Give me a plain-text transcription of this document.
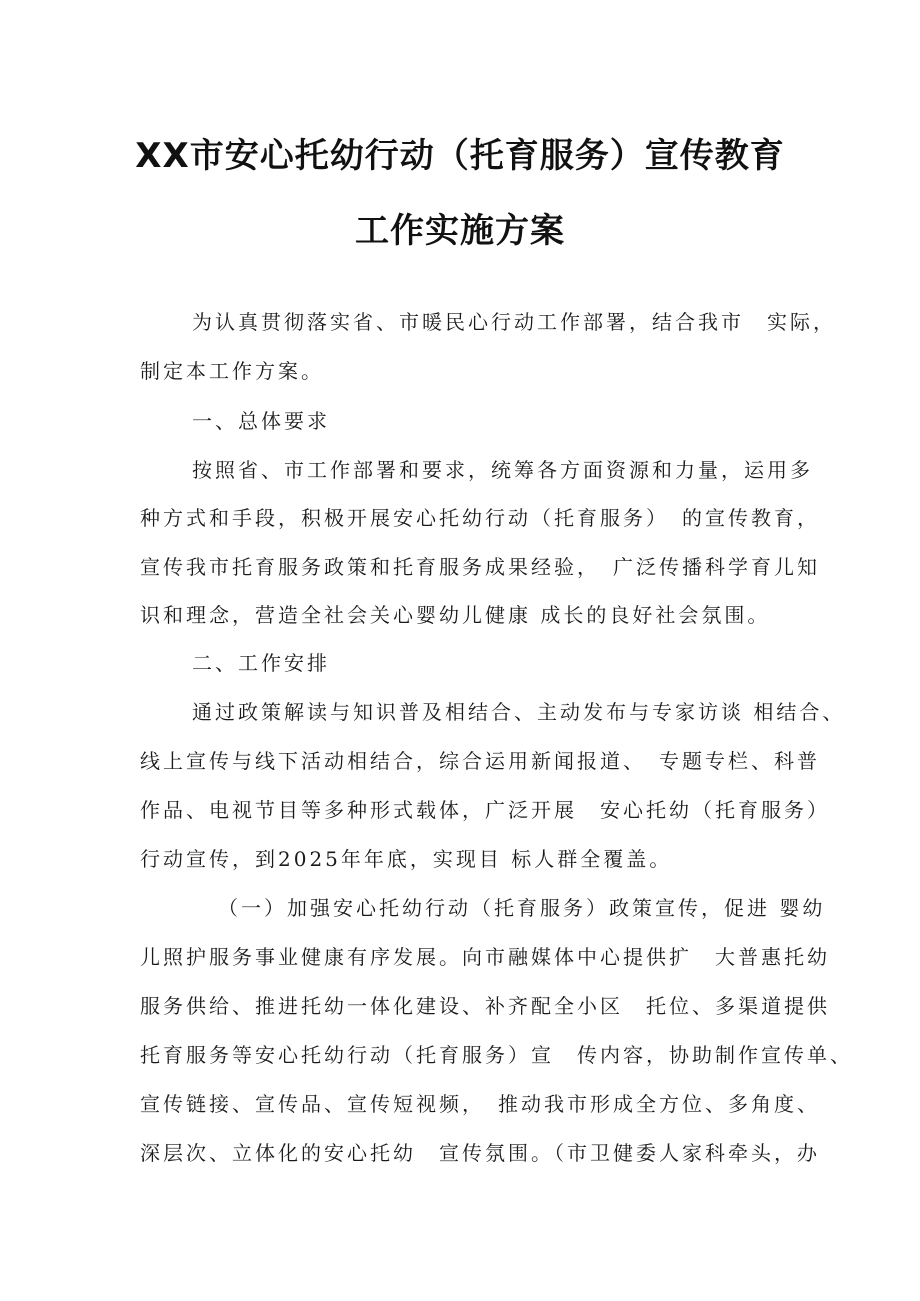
XX市安心托幼行动（托育服务）宣传教育
工作实施方案
为认真贯彻落实省、市暖民心行动工作部署，结合我市　实际，
制定本工作方案。
一、总体要求
按照省、市工作部署和要求，统筹各方面资源和力量，运用多
种方式和手段，积极开展安心托幼行动（托育服务）　的宣传教育，
宣传我市托育服务政策和托育服务成果经验，　广泛传播科学育儿知
识和理念，营造全社会关心婴幼儿健康 成长的良好社会氛围。
二、工作安排
通过政策解读与知识普及相结合、主动发布与专家访谈 相结合、
线上宣传与线下活动相结合，综合运用新闻报道、　专题专栏、科普
作品、电视节目等多种形式载体，广泛开展　安心托幼（托育服务）
行动宣传，到2025年年底，实现目 标人群全覆盖。
（一）加强安心托幼行动（托育服务）政策宣传，促进 婴幼
儿照护服务事业健康有序发展。向市融媒体中心提供扩　大普惠托幼
服务供给、推进托幼一体化建设、补齐配全小区　托位、多渠道提供
托育服务等安心托幼行动（托育服务）宣　传内容，协助制作宣传单、
宣传链接、宣传品、宣传短视频，　推动我市形成全方位、多角度、
深层次、立体化的安心托幼　宣传氛围。（市卫健委人家科牵头，办
